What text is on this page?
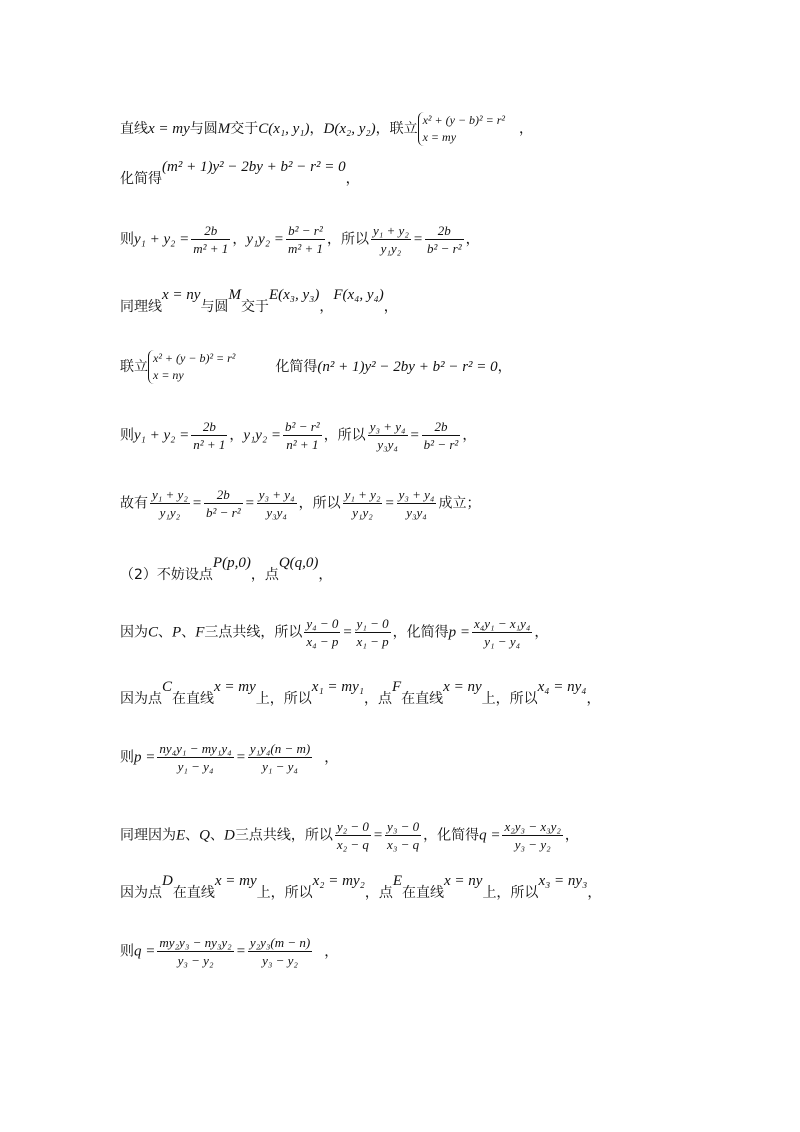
直线x = my与圆M交于C(x₁, y₁)，D(x₂, y₂)，联立
x² + (y − b)² = r²
x = my	，
化简得(m² + 1)y² − 2by + b² − r² = 0，
则$y_1 + y_2 = \frac{2b}{\text{m² + 1}}$ ，$y_1y_2 = \frac{\text{b² − r²}}{\text{m² + 1}}$ ，所以 $\frac{\text{y₁ + y₂}}{\text{y₁y₂}} = \frac{2b}{\text{b² − r²}}$ ，
同理线x = ny与圆M交于E(x₃, y₃)，F(x₄, y₄)，
联立
x² + (y − b)² = r²
x = ny	化简得(n² + 1)y² − 2by + b² − r² = 0，
则$y_1 + y_2 = \frac{2b}{\text{n² + 1}}$ ，$y_1y_2 = \frac{\text{b² − r²}}{\text{n² + 1}}$ ，所以 $\frac{\text{y₃ + y₄}}{\text{y₃y₄}} = \frac{2b}{\text{b² − r²}}$ ，
故有 $\frac{\text{y₁ + y₂}}{\text{y₁y₂}} = \frac{2b}{\text{b² − r²}} = \frac{\text{y₃ + y₄}}{\text{y₃y₄}}$ ，所以 $\frac{\text{y₁ + y₂}}{\text{y₁y₂}} = \frac{\text{y₃ + y₄}}{\text{y₃y₄}}$ 成立；
（2）不妨设点P(p,0)，点Q(q,0)，
因为C、P、F三点共线，所以 $\frac{\text{y₄ − 0}}{\text{x₄ − p}} = \frac{\text{y₁ − 0}}{\text{x₁ − p}}$ ，化简得$p = \frac{\text{x₄y₁ − x₁y₄}}{\text{y₁ − y₄}}$ ，
因为点C在直线x = my上，所以x₁ = my₁，点F在直线x = ny上，所以x₄ = ny₄，
则$p = \frac{\text{ny₄y₁ − my₁y₄}}{\text{y₁ − y₄}} = \frac{\text{y₁y₄(n − m)}}{\text{y₁ − y₄}}$ ，
同理因为E、Q、D三点共线，所以 $\frac{\text{y₂ − 0}}{\text{x₂ − q}} = \frac{\text{y₃ − 0}}{\text{x₃ − q}}$ ，化简得$q = \frac{\text{x₂y₃ − x₃y₂}}{\text{y₃ − y₂}}$ ，
因为点D在直线x = my上，所以x₂ = my₂，点E在直线x = ny上，所以x₃ = ny₃，
则$q = \frac{\text{my₂y₃ − ny₃y₂}}{\text{y₃ − y₂}} = \frac{\text{y₂y₃(m − n)}}{\text{y₃ − y₂}}$ ，
